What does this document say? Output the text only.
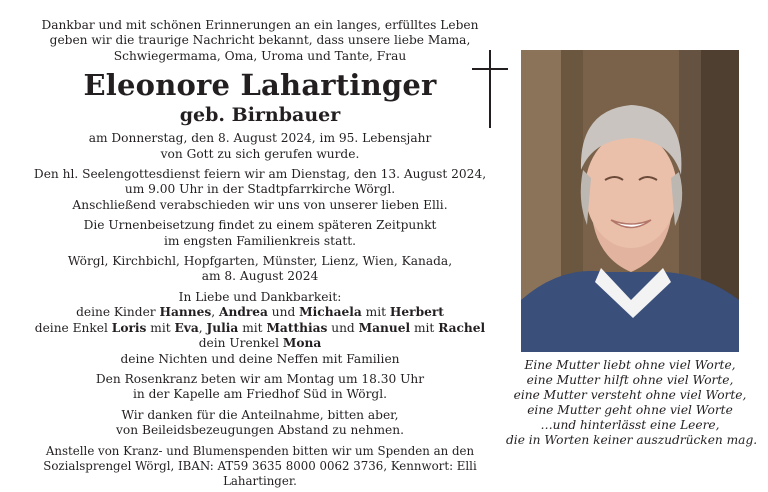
Dankbar und mit schönen Erinnerungen an ein langes, erfülltes Leben

geben wir die traurige Nachricht bekannt, dass unsere liebe Mama,

Schwiegermama, Oma, Uroma und Tante, Frau

Eleonore Lahartinger
geb. Birnbauer

am Donnerstag, den 8. August 2024, im 95. Lebensjahr

von Gott zu sich gerufen wurde.

Den hl. Seelengottesdienst feiern wir am Dienstag, den 13. August 2024,

um 9.00 Uhr in der Stadtpfarrkirche Wörgl.

Anschließend verabschieden wir uns von unserer lieben Elli.

Die Urnenbeisetzung findet zu einem späteren Zeitpunkt

im engsten Familienkreis statt.

Wörgl, Kirchbichl, Hopfgarten, Münster, Lienz, Wien, Kanada,

am 8. August 2024

In Liebe und Dankbarkeit:

deine Kinder Hannes, Andrea und Michaela mit Herbert

deine Enkel Loris mit Eva, Julia mit Matthias und Manuel mit Rachel

dein Urenkel Mona

deine Nichten und deine Neffen mit Familien

Den Rosenkranz beten wir am Montag um 18.30 Uhr

in der Kapelle am Friedhof Süd in Wörgl.

Wir danken für die Anteilnahme, bitten aber,

von Beileidsbezeugungen Abstand zu nehmen.

Anstelle von Kranz- und Blumenspenden bitten wir um Spenden an den

Sozialsprengel Wörgl, IBAN: AT59 3635 8000 0062 3736, Kennwort: Elli Lahartinger.

Eine Mutter liebt ohne viel Worte,
eine Mutter hilft ohne viel Worte,
eine Mutter versteht ohne viel Worte,
eine Mutter geht ohne viel Worte
…und hinterlässt eine Leere,
die in Worten keiner auszudrücken mag.
